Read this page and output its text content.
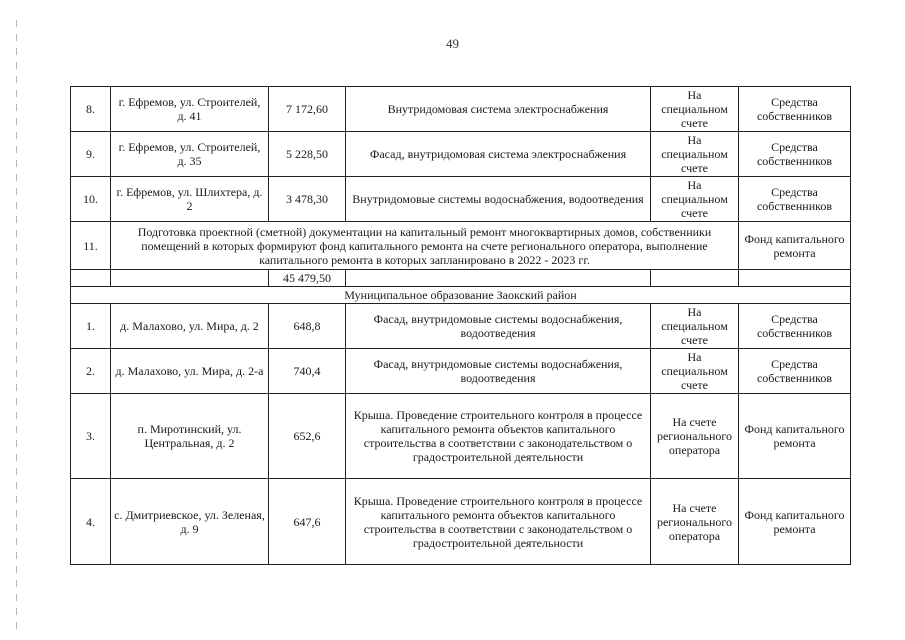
49
8.	г. Ефремов, ул. Строителей, д. 41	7 172,60	Внутридомовая система электроснабжения	На специальном счете	Средства собственников
9.	г. Ефремов, ул. Строителей, д. 35	5 228,50	Фасад, внутридомовая система электроснабжения	На специальном счете	Средства собственников
10.	г. Ефремов, ул. Шлихтера, д. 2	3 478,30	Внутридомовые системы водоснабжения, водоотведения	На специальном счете	Средства собственников
11.	Подготовка проектной (сметной) документации на капитальный ремонт многоквартирных домов, собственники помещений в которых формируют фонд капитального ремонта на счете регионального оператора, выполнение капитального ремонта в которых запланировано в 2022 - 2023 гг.				Фонд капитального ремонта
		45 479,50			
Муниципальное образование Заокский район					
1.	д. Малахово, ул. Мира, д. 2	648,8	Фасад, внутридомовые системы водоснабжения, водоотведения	На специальном счете	Средства собственников
2.	д. Малахово, ул. Мира, д. 2-а	740,4	Фасад, внутридомовые системы водоснабжения, водоотведения	На специальном счете	Средства собственников
3.	п. Миротинский, ул. Центральная, д. 2	652,6	Крыша. Проведение строительного контроля в процессе капитального ремонта объектов капитального строительства в соответствии с законодательством о градостроительной деятельности	На счете регионального оператора	Фонд капитального ремонта
4.	с. Дмитриевское, ул. Зеленая, д. 9	647,6	Крыша. Проведение строительного контроля в процессе капитального ремонта объектов капитального строительства в соответствии с законодательством о градостроительной деятельности	На счете регионального оператора	Фонд капитального ремонта
